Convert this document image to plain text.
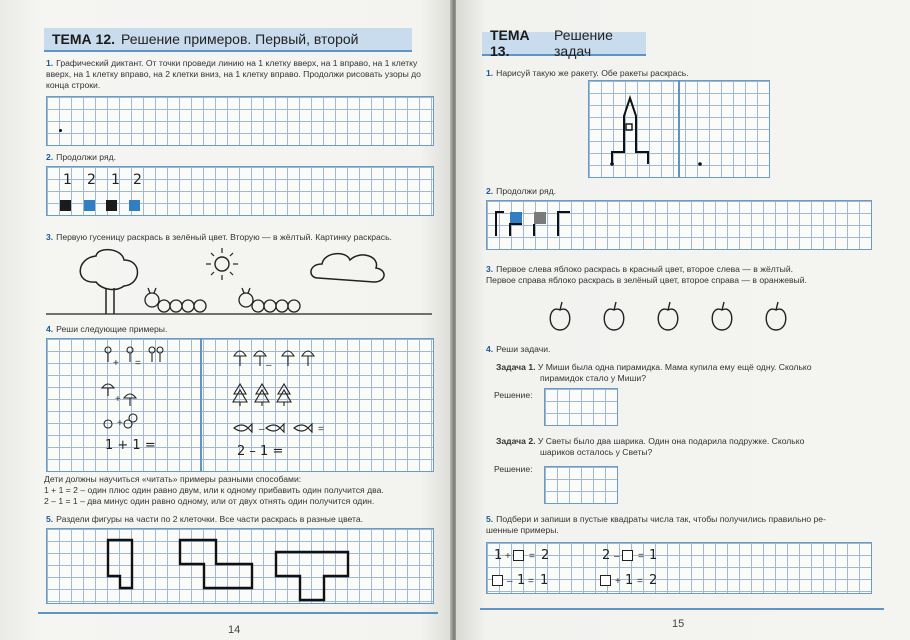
ТЕМА 12. Решение примеров. Первый, второй
1. Графический диктант. От точки проведи линию на 1 клетку вверх, на 1 вправо, на 1 клетку вверх, на 1 клетку вправо, на 2 клетки вниз, на 1 клетку вправо. Продолжи рисовать узоры до конца строки.
2. Продолжи ряд.
1 2 1 2
3. Первую гусеницу раскрась в зелёный цвет. Вторую — в жёлтый. Картинку раскрась.
4. Реши следующие примеры.
+ =
+
+
1 + 1 =
–
–	=
2 – 1 =
Дети должны научиться «читать» примеры разными способами:
1 + 1 = 2 – один плюс один равно двум, или к одному прибавить один получится два.
2 – 1 = 1 – два минус один равно одному, или от двух отнять один получится один.
5. Раздели фигуры на части по 2 клеточки. Все части раскрась в разные цвета.
14
ТЕМА 13.
Решение задач
1. Нарисуй такую же ракету. Обе ракеты раскрась.
2. Продолжи ряд.
3. Первое слева яблоко раскрась в красный цвет, второе слева — в жёлтый.
Первое справа яблоко раскрась в зелёный цвет, второе справа — в оранжевый.
4. Реши задачи.
Задача 1. У Миши была одна пирамидка. Мама купила ему ещё одну. Сколько
пирамидок стало у Миши?
Решение:
Задача 2. У Светы было два шарика. Один она подарила подружке. Сколько
шариков осталось у Светы?
Решение:
5. Подбери и запиши в пустые квадраты числа так, чтобы получились правильно ре-
шенные примеры.
1 + = 2	2 – = 1
– 1 = 1	+ 1 = 2
15
